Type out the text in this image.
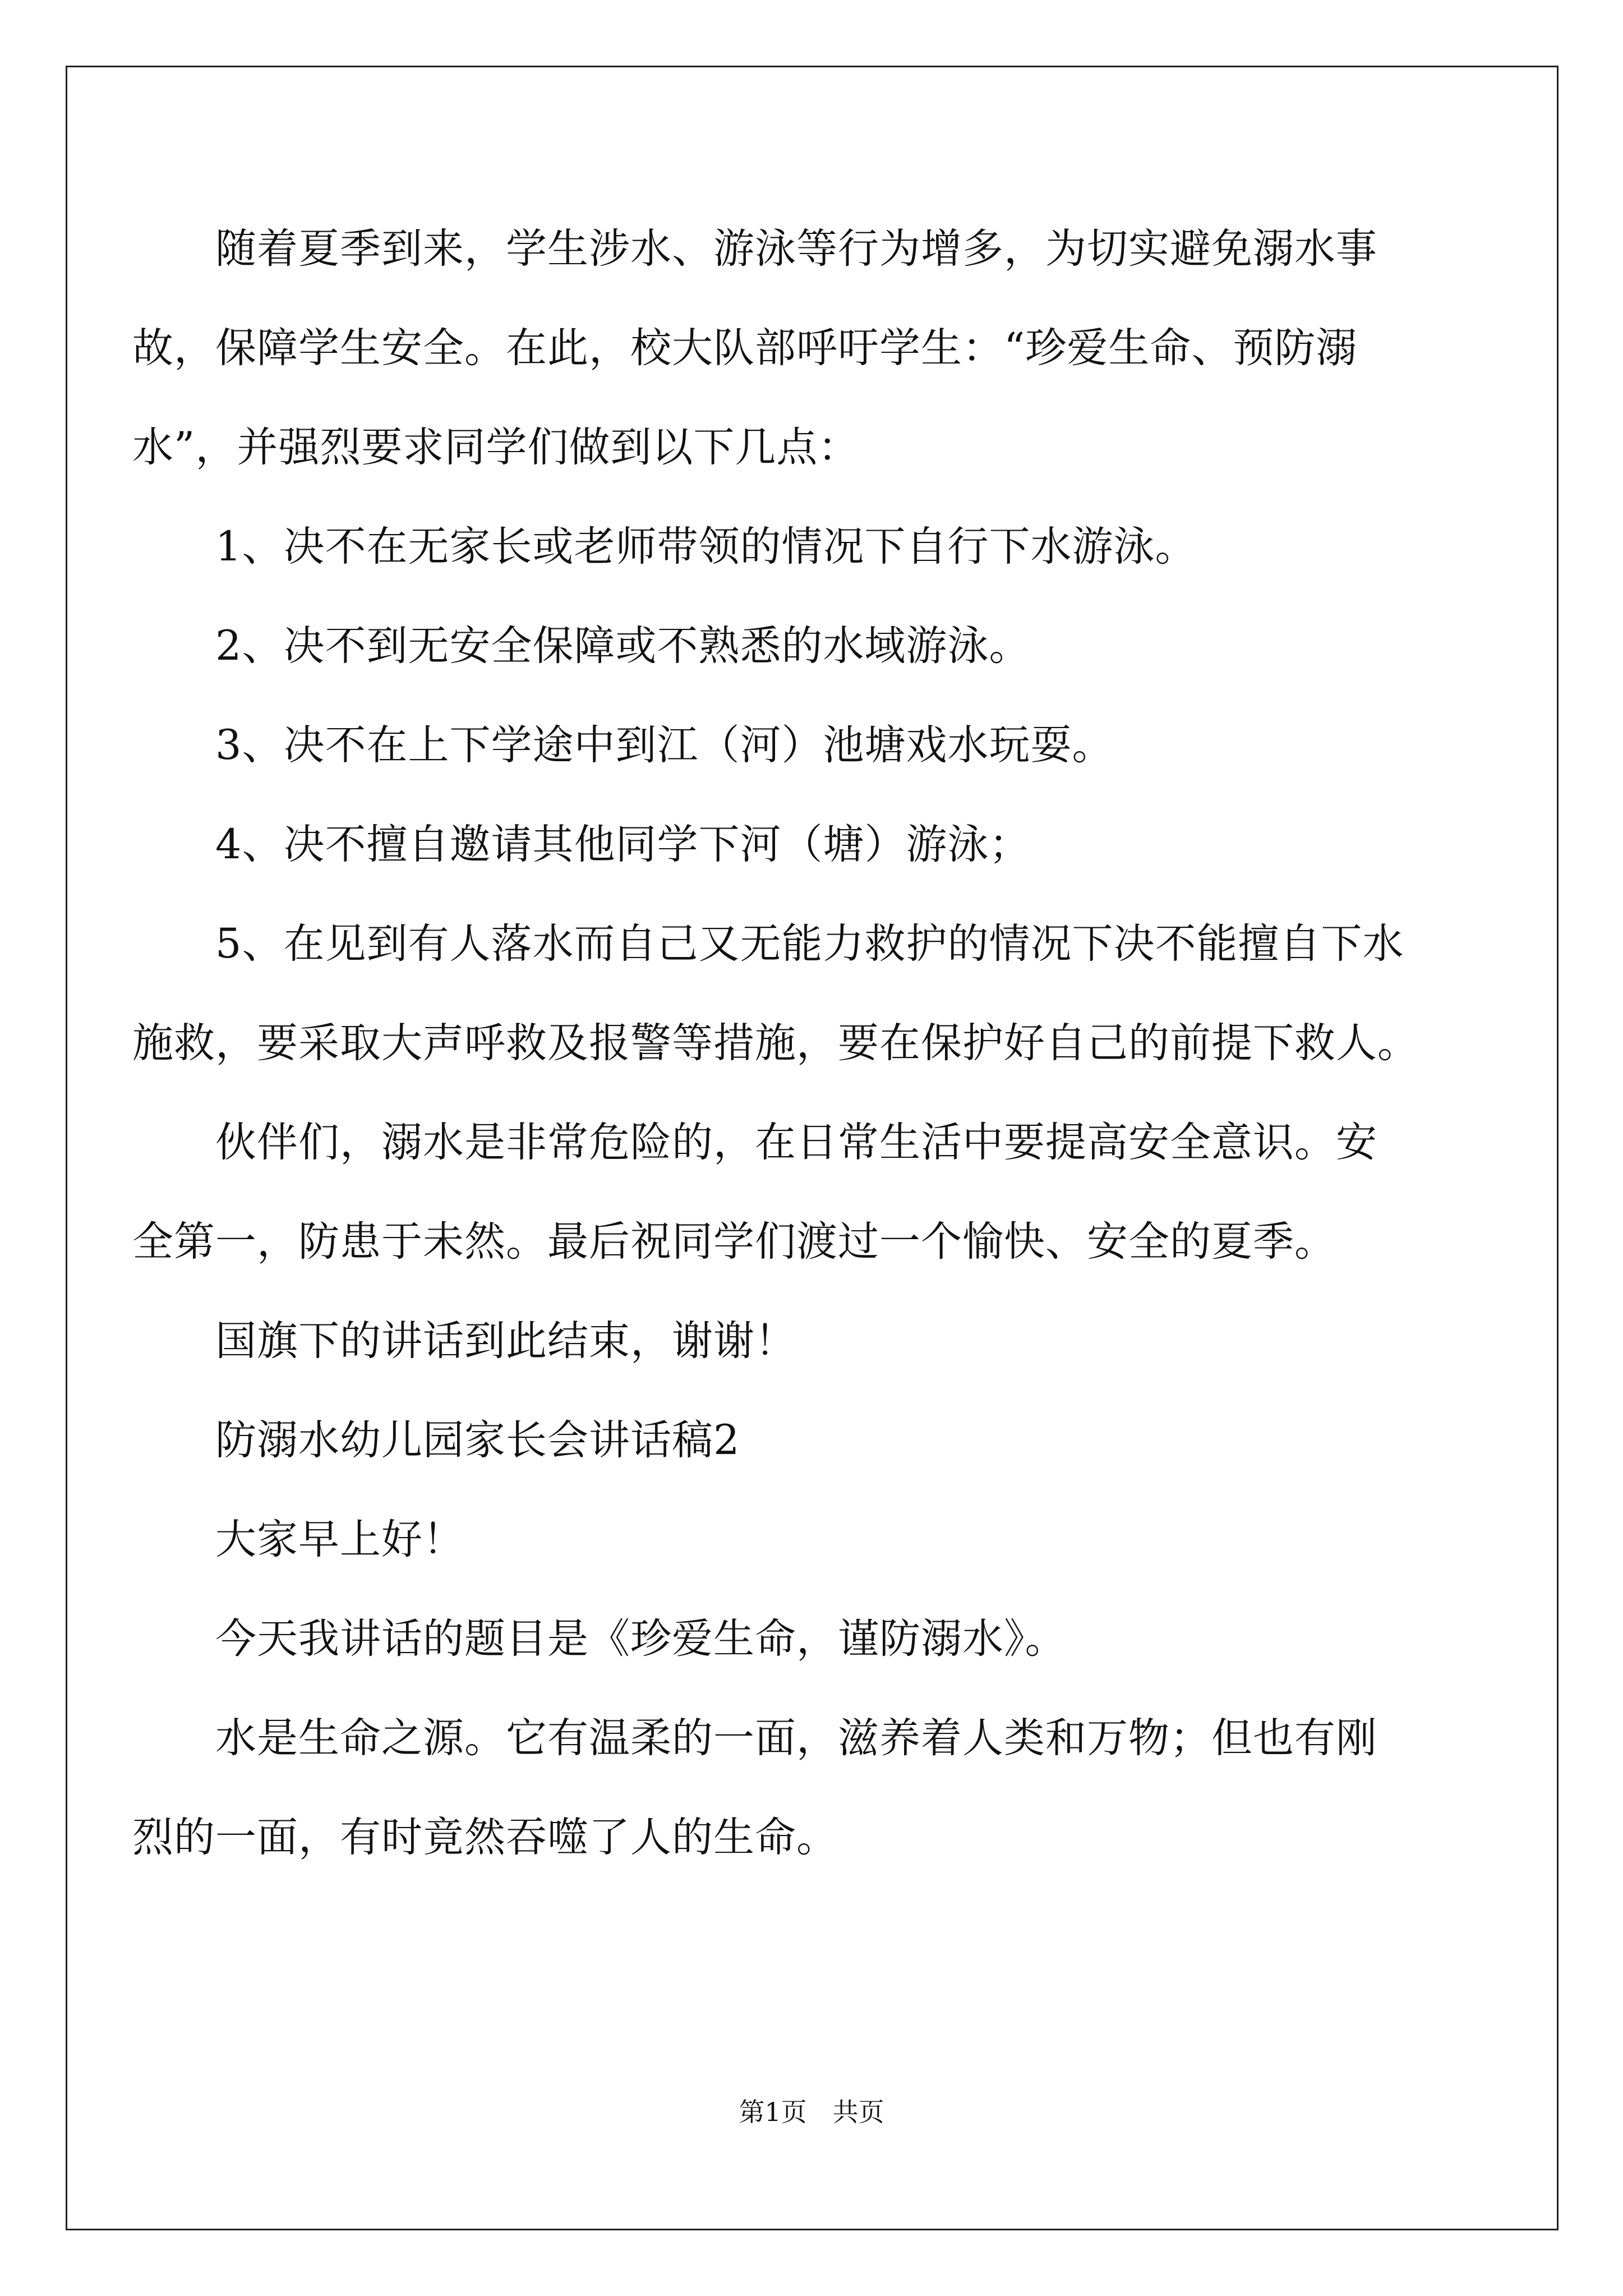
　　随着夏季到来，学生涉水、游泳等行为增多，为切实避免溺水事

故，保障学生安全。在此，校大队部呼吁学生：“珍爱生命、预防溺

水”，并强烈要求同学们做到以下几点：

　　1、决不在无家长或老师带领的情况下自行下水游泳。

　　2、决不到无安全保障或不熟悉的水域游泳。

　　3、决不在上下学途中到江（河）池塘戏水玩耍。

　　4、决不擅自邀请其他同学下河（塘）游泳；

　　5、在见到有人落水而自己又无能力救护的情况下决不能擅自下水

施救，要采取大声呼救及报警等措施，要在保护好自己的前提下救人。

　　伙伴们，溺水是非常危险的，在日常生活中要提高安全意识。安

全第一，防患于未然。最后祝同学们渡过一个愉快、安全的夏季。

　　国旗下的讲话到此结束，谢谢！

　　防溺水幼儿园家长会讲话稿2

　　大家早上好！

　　今天我讲话的题目是《珍爱生命，谨防溺水》。

　　水是生命之源。它有温柔的一面，滋养着人类和万物；但也有刚

烈的一面，有时竟然吞噬了人的生命。

第1页　共页
